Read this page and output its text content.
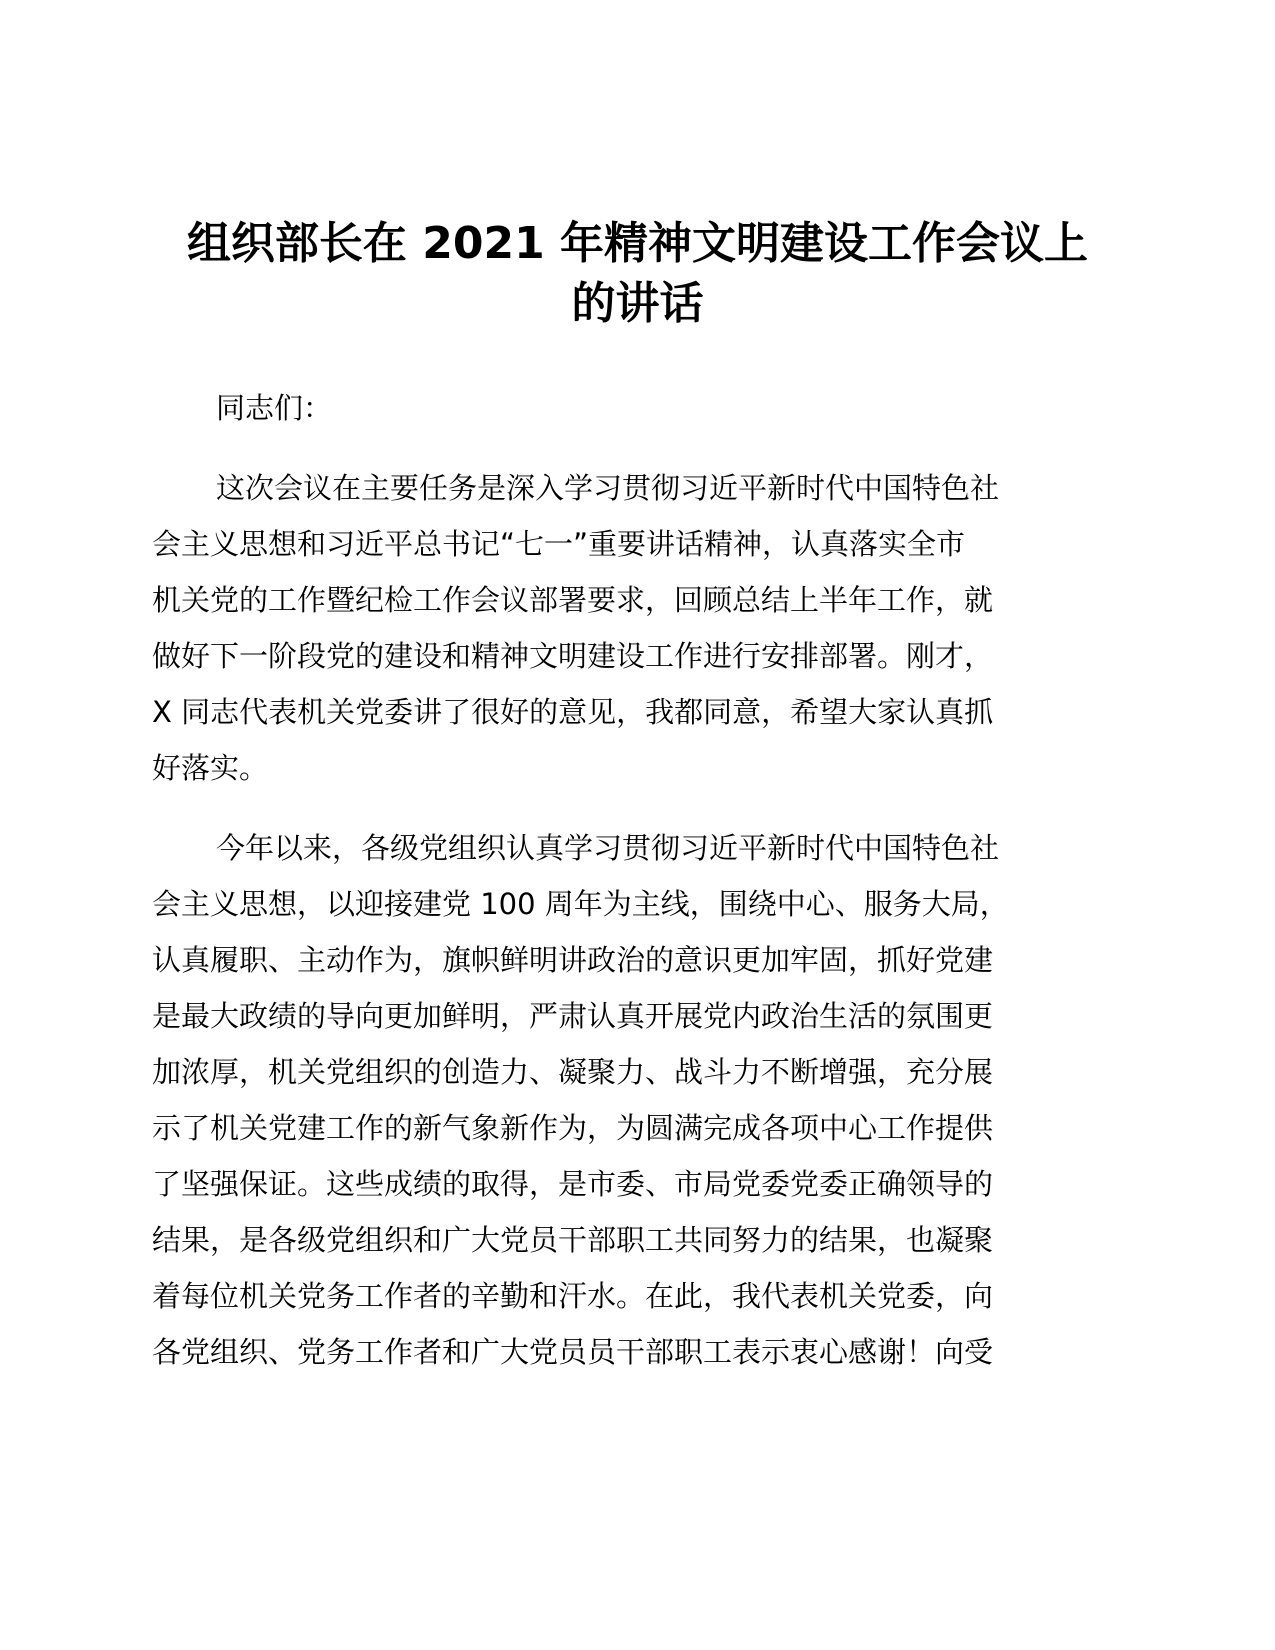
组织部长在 2021 年精神文明建设工作会议上
的讲话

同志们：

这次会议在主要任务是深入学习贯彻习近平新时代中国特色社
会主义思想和习近平总书记“七一”重要讲话精神，认真落实全市
机关党的工作暨纪检工作会议部署要求，回顾总结上半年工作，就
做好下一阶段党的建设和精神文明建设工作进行安排部署。刚才，
X 同志代表机关党委讲了很好的意见，我都同意，希望大家认真抓
好落实。

今年以来，各级党组织认真学习贯彻习近平新时代中国特色社
会主义思想，以迎接建党 100 周年为主线，围绕中心、服务大局，
认真履职、主动作为，旗帜鲜明讲政治的意识更加牢固，抓好党建
是最大政绩的导向更加鲜明，严肃认真开展党内政治生活的氛围更
加浓厚，机关党组织的创造力、凝聚力、战斗力不断增强，充分展
示了机关党建工作的新气象新作为，为圆满完成各项中心工作提供
了坚强保证。这些成绩的取得，是市委、市局党委党委正确领导的
结果，是各级党组织和广大党员干部职工共同努力的结果，也凝聚
着每位机关党务工作者的辛勤和汗水。在此，我代表机关党委，向
各党组织、党务工作者和广大党员员干部职工表示衷心感谢！向受
